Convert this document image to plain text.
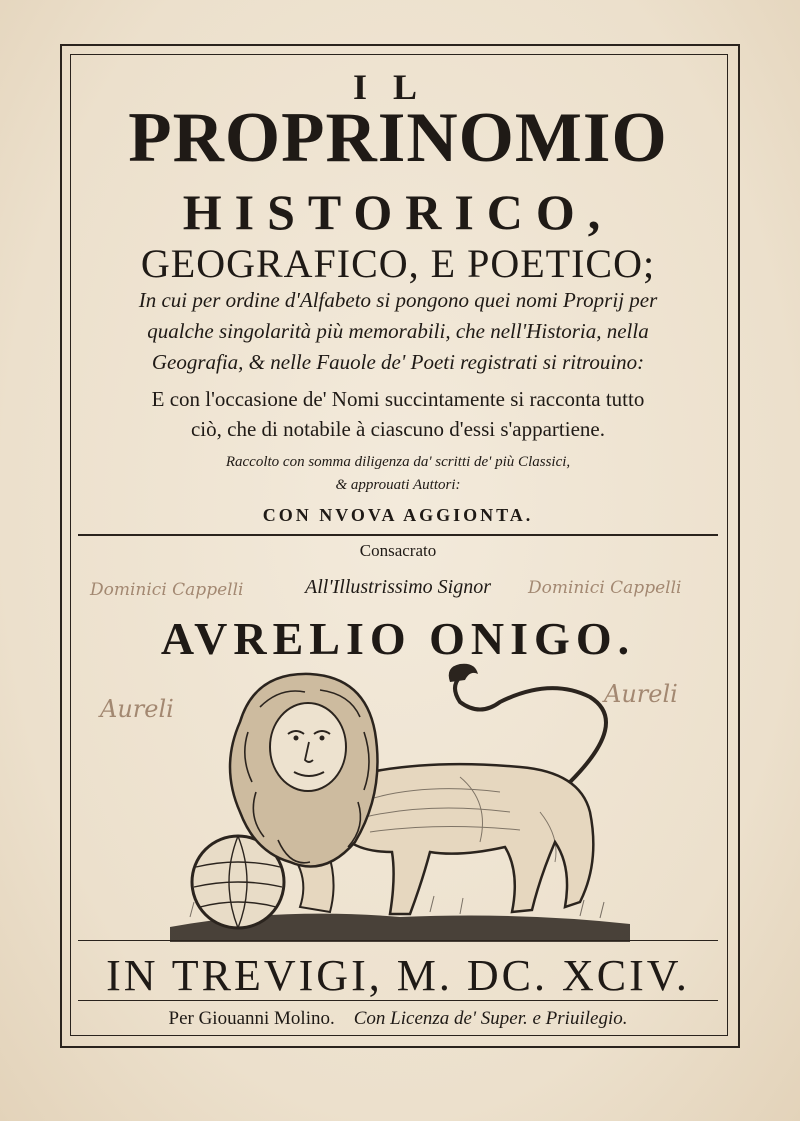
IL
PROPRINOMIO
HISTORICO,
GEOGRAFICO, E POETICO;
In cui per ordine d'Alfabeto si pongono quei nomi Proprij per
qualche singolarità più memorabili, che nell'Historia, nella
Geografia, & nelle Fauole de' Poeti registrati si ritrouino:
E con l'occasione de' Nomi succintamente si racconta tutto
ciò, che di notabile à ciascuno d'essi s'appartiene.
Raccolto con somma diligenza da' scritti de' più Classici,
& approuati Auttori:
CON NVOVA AGGIONTA.
Consacrato
All'Illustrissimo Signor
AVRELIO ONIGO.
Dominici Cappelli	Dominici Cappelli
Aureli
Aureli
IN TREVIGI, M. DC. XCIV.
Per Giouanni Molino. Con Licenza de' Super. e Priuilegio.
